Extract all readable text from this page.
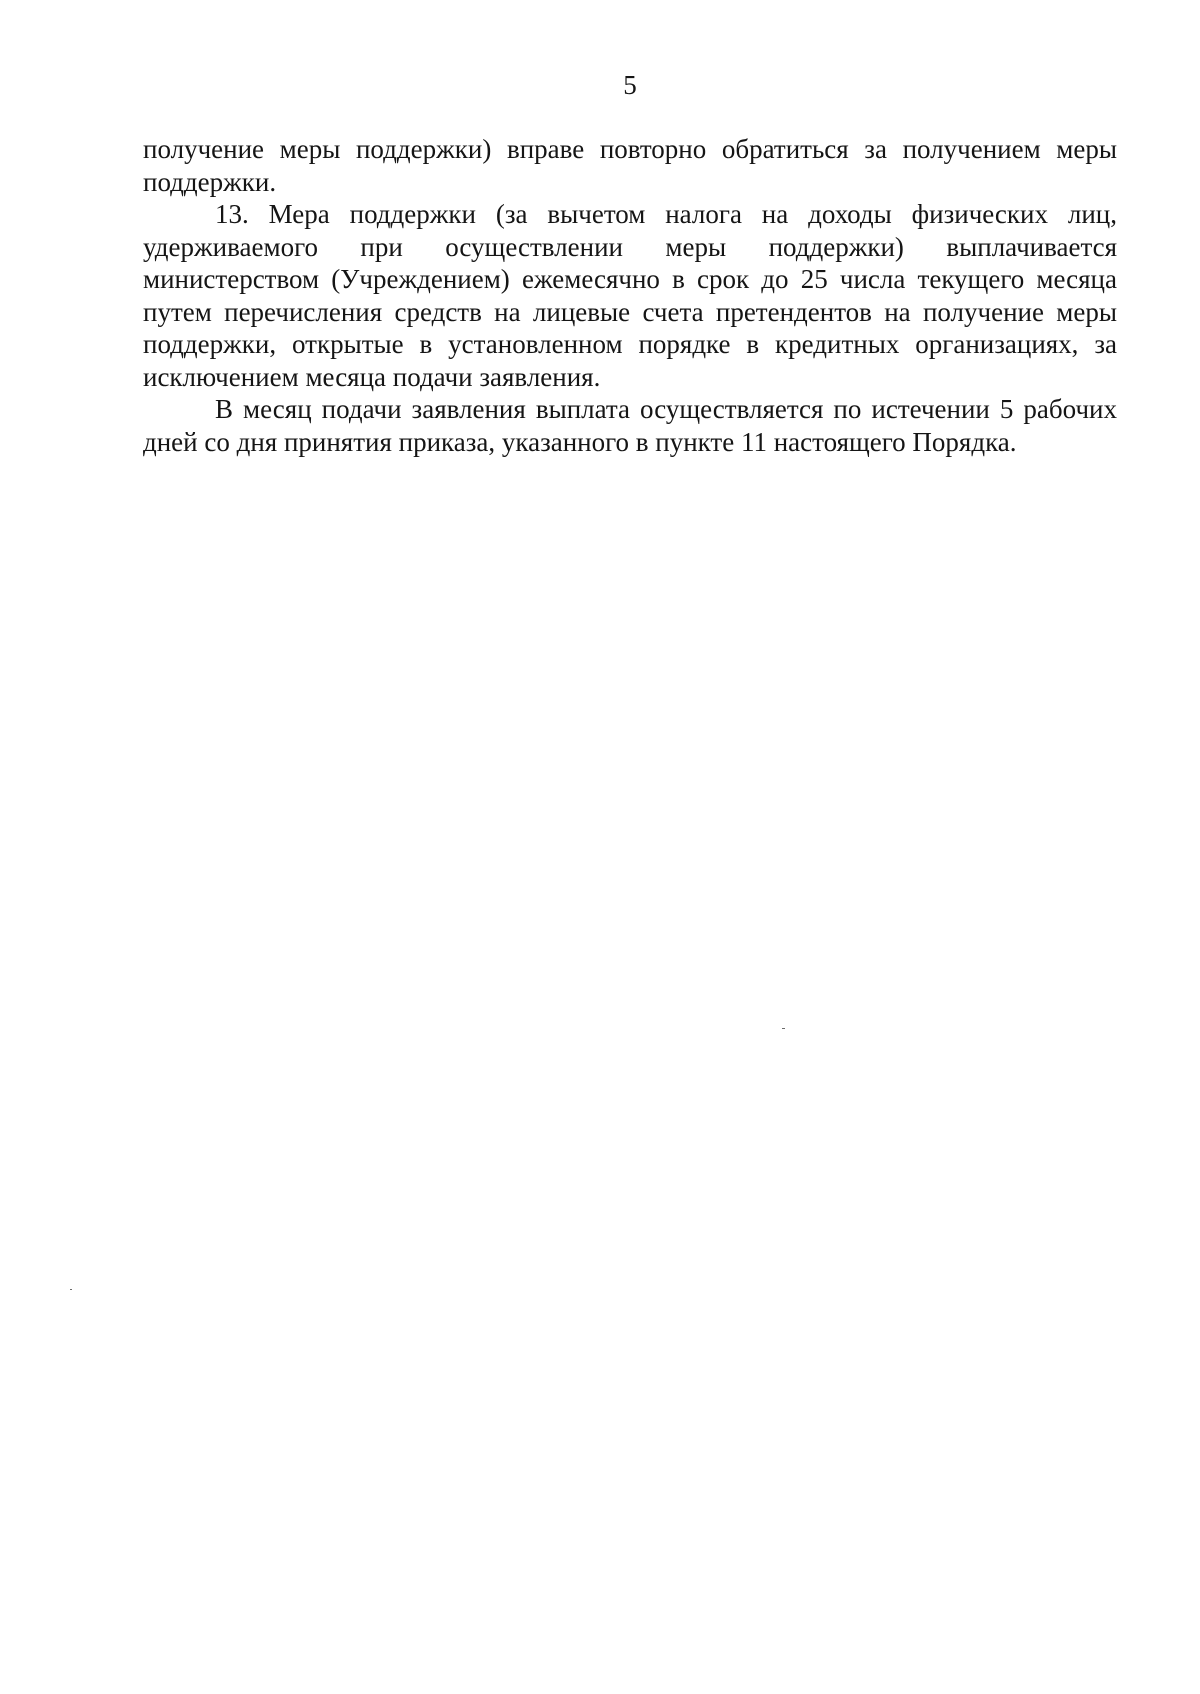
5

получение меры поддержки) вправе повторно обратиться за получением меры поддержки.

13. Мера поддержки (за вычетом налога на доходы физических лиц, удерживаемого при осуществлении меры поддержки) выплачивается министерством (Учреждением) ежемесячно в срок до 25 числа текущего месяца путем перечисления средств на лицевые счета претендентов на получение меры поддержки, открытые в установленном порядке в кредитных организациях, за исключением месяца подачи заявления.

В месяц подачи заявления выплата осуществляется по истечении 5 рабочих дней со дня принятия приказа, указанного в пункте 11 настоящего Порядка.
